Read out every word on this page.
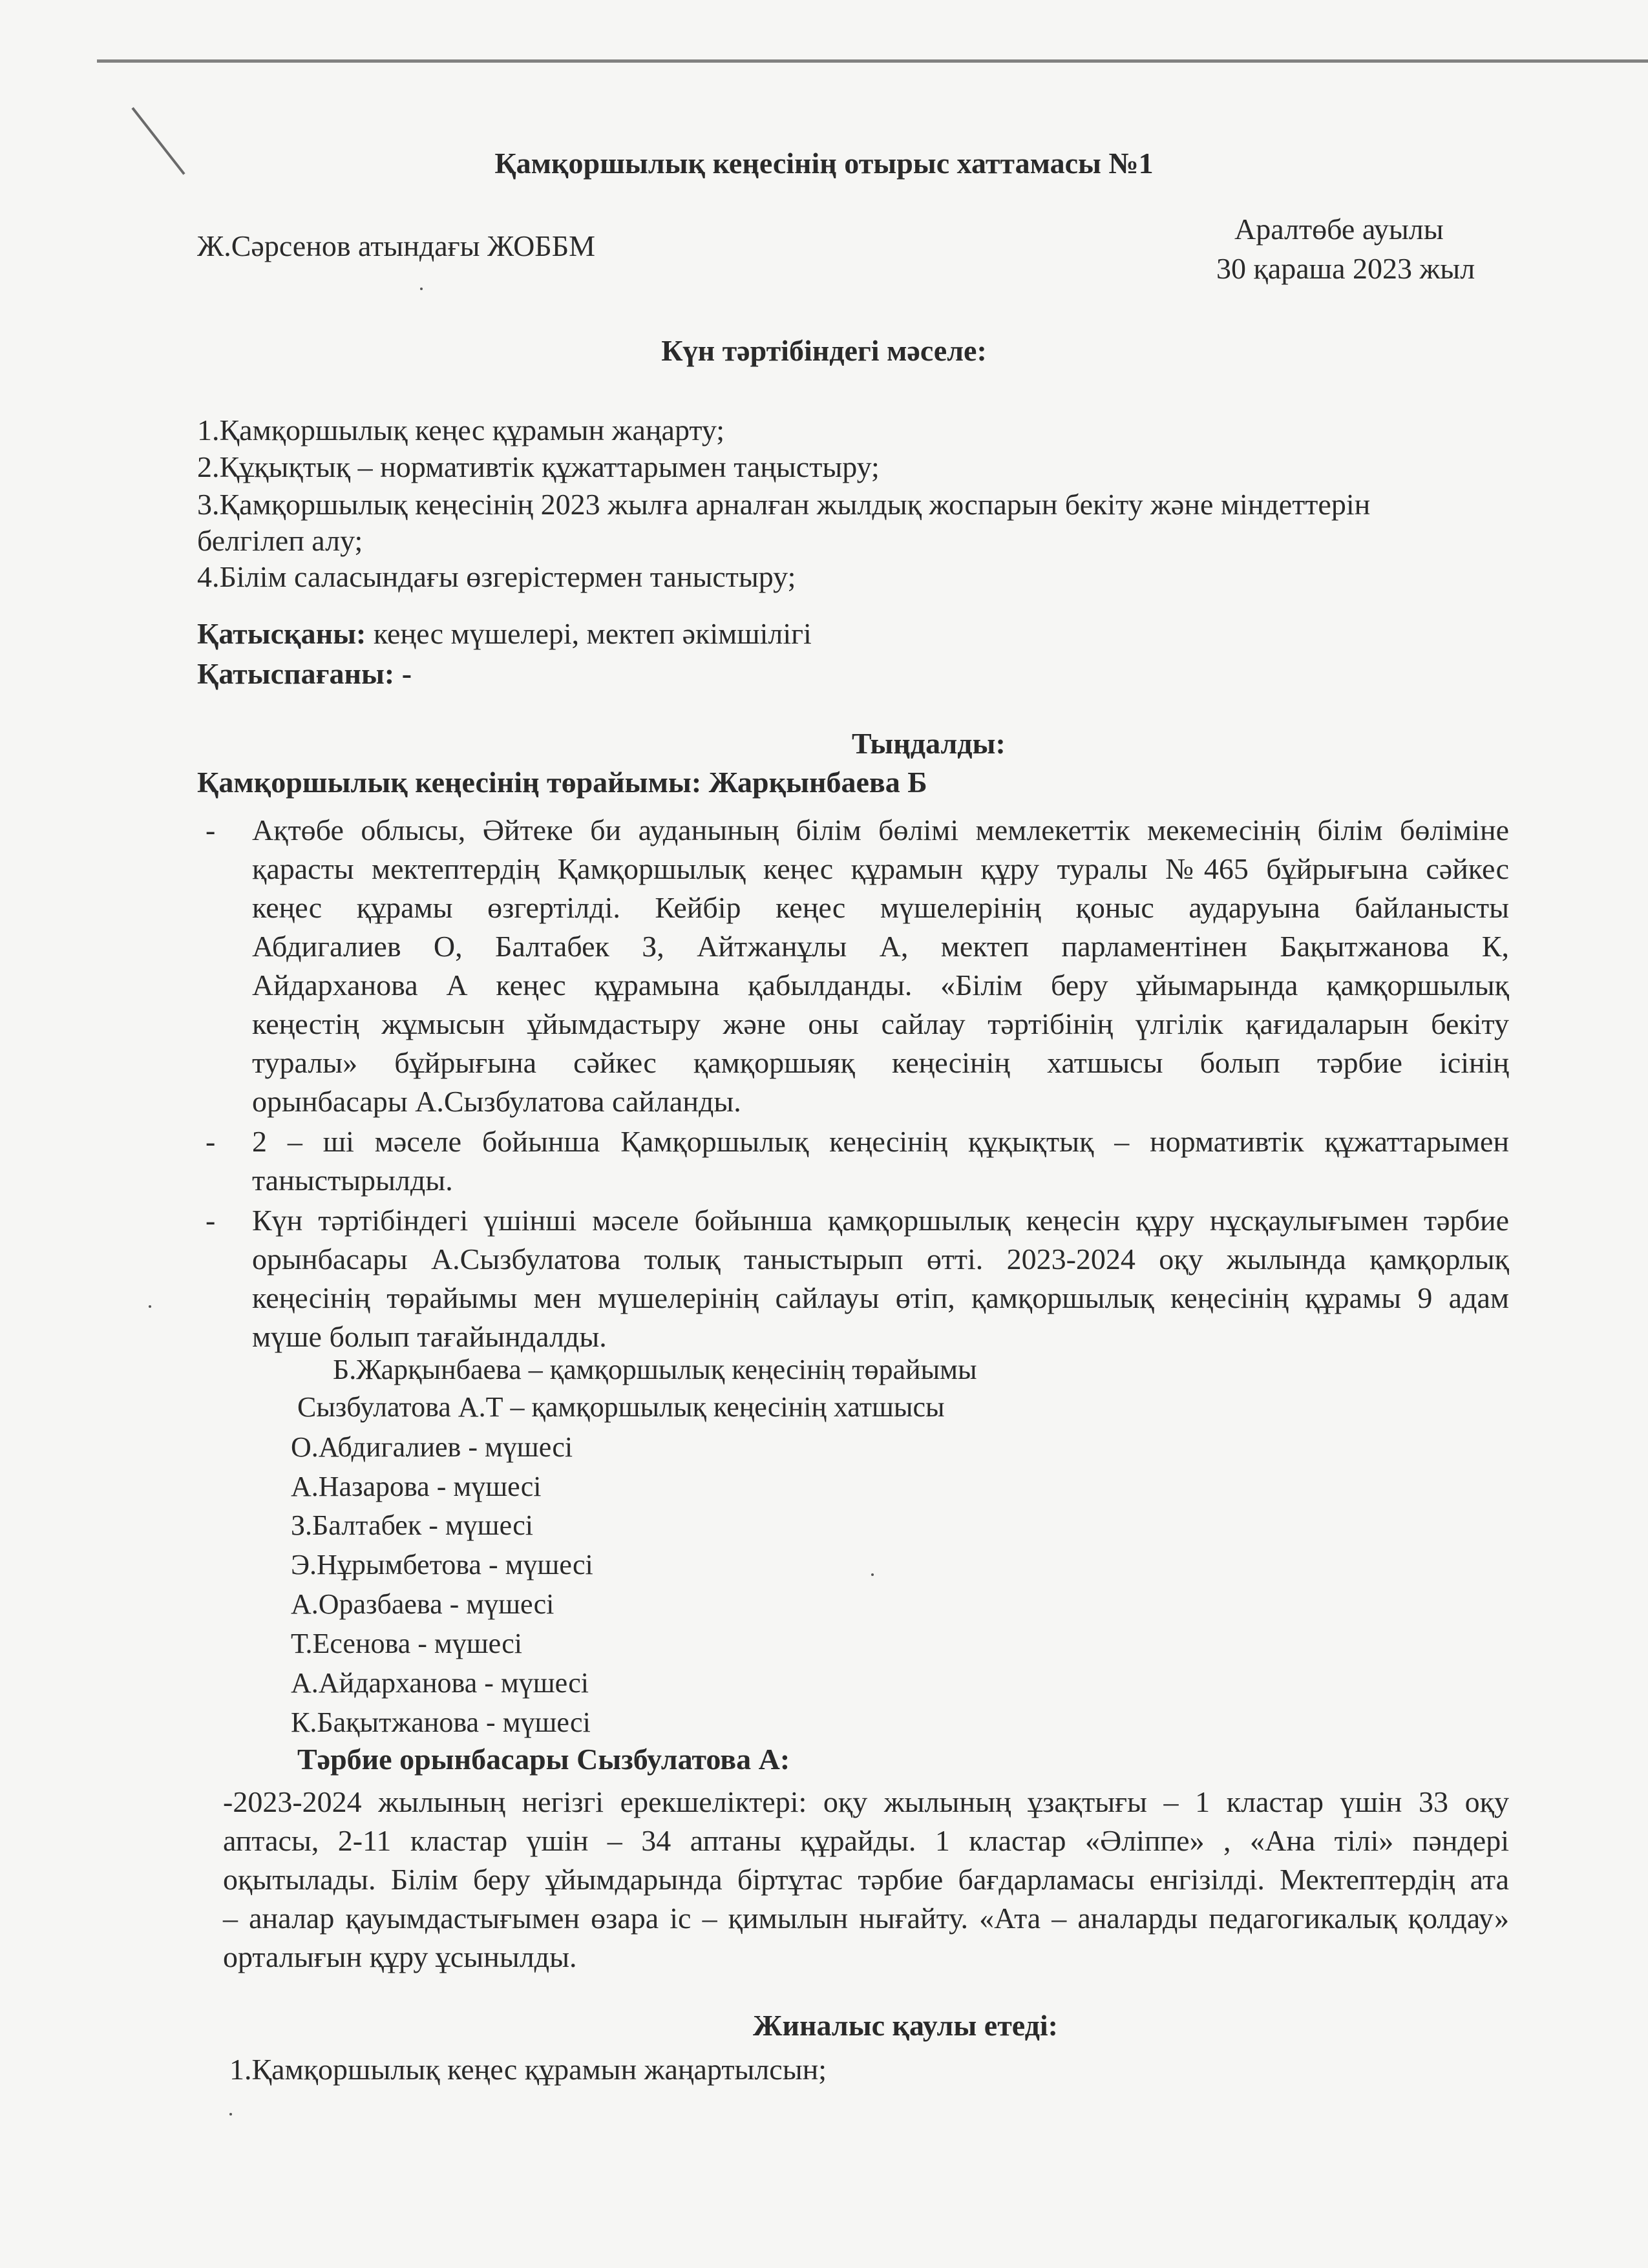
Қамқоршылық кеңесінің отырыс хаттамасы №1

Ж.Сәрсенов атындағы ЖОББМ

Аралтөбе ауылы

30 қараша 2023 жыл

Күн тәртібіндегі мәселе:

1.Қамқоршылық кеңес құрамын жаңарту;

2.Құқықтық – нормативтік құжаттарымен таңыстыру;

3.Қамқоршылық кеңесінің 2023 жылға арналған жылдық жоспарын бекіту және міндеттерін

белгілеп алу;

4.Білім саласындағы өзгерістермен таныстыру;

Қатысқаны: кеңес мүшелері, мектеп әкімшілігі

Қатыспағаны: -

Тыңдалды:

Қамқоршылық кеңесінің төрайымы: Жарқынбаева Б

- Ақтөбе облысы, Әйтеке би ауданының білім бөлімі мемлекеттік мекемесінің білім бөліміне

қарасты мектептердің Қамқоршылық кеңес құрамын құру туралы №465 бұйрығына сәйкес

кеңес құрамы өзгертілді. Кейбір кеңес мүшелерінің қоныс аударуына байланысты

Абдигалиев О, Балтабек З, Айтжанұлы А, мектеп парламентінен Бақытжанова К,

Айдарханова А кеңес құрамына қабылданды. «Білім беру ұйымарында қамқоршылық

кеңестің жұмысын ұйымдастыру және оны сайлау тәртібінің үлгілік қағидаларын бекіту

туралы» бұйрығына сәйкес қамқоршыяқ кеңесінің хатшысы болып тәрбие ісінің

орынбасары А.Сызбулатова сайланды.

- 2 – ші мәселе бойынша Қамқоршылық кеңесінің құқықтық – нормативтік құжаттарымен

таныстырылды.

- Күн тәртібіндегі үшінші мәселе бойынша қамқоршылық кеңесін құру нұсқаулығымен тәрбие

орынбасары А.Сызбулатова толық таныстырып өтті. 2023-2024 оқу жылында қамқорлық

кеңесінің төрайымы мен мүшелерінің сайлауы өтіп, қамқоршылық кеңесінің құрамы 9 адам

мүше болып тағайындалды.

Б.Жарқынбаева – қамқоршылық кеңесінің төрайымы

Сызбулатова А.Т – қамқоршылық кеңесінің хатшысы

О.Абдигалиев - мүшесі

А.Назарова - мүшесі

З.Балтабек - мүшесі

Э.Нұрымбетова - мүшесі

А.Оразбаева - мүшесі

Т.Есенова - мүшесі

А.Айдарханова - мүшесі

К.Бақытжанова - мүшесі

Тәрбие орынбасары Сызбулатова А:

-2023-2024 жылының негізгі ерекшеліктері: оқу жылының ұзақтығы – 1 кластар үшін 33 оқу

аптасы, 2-11 кластар үшін – 34 аптаны құрайды. 1 кластар «Әліппе» , «Ана тілі» пәндері

оқытылады. Білім беру ұйымдарында біртұтас тәрбие бағдарламасы енгізілді. Мектептердің ата

– аналар қауымдастығымен өзара іс – қимылын нығайту. «Ата – аналарды педагогикалық қолдау»

орталығын құру ұсынылды.

Жиналыс қаулы етеді:

1.Қамқоршылық кеңес құрамын жаңартылсын;
